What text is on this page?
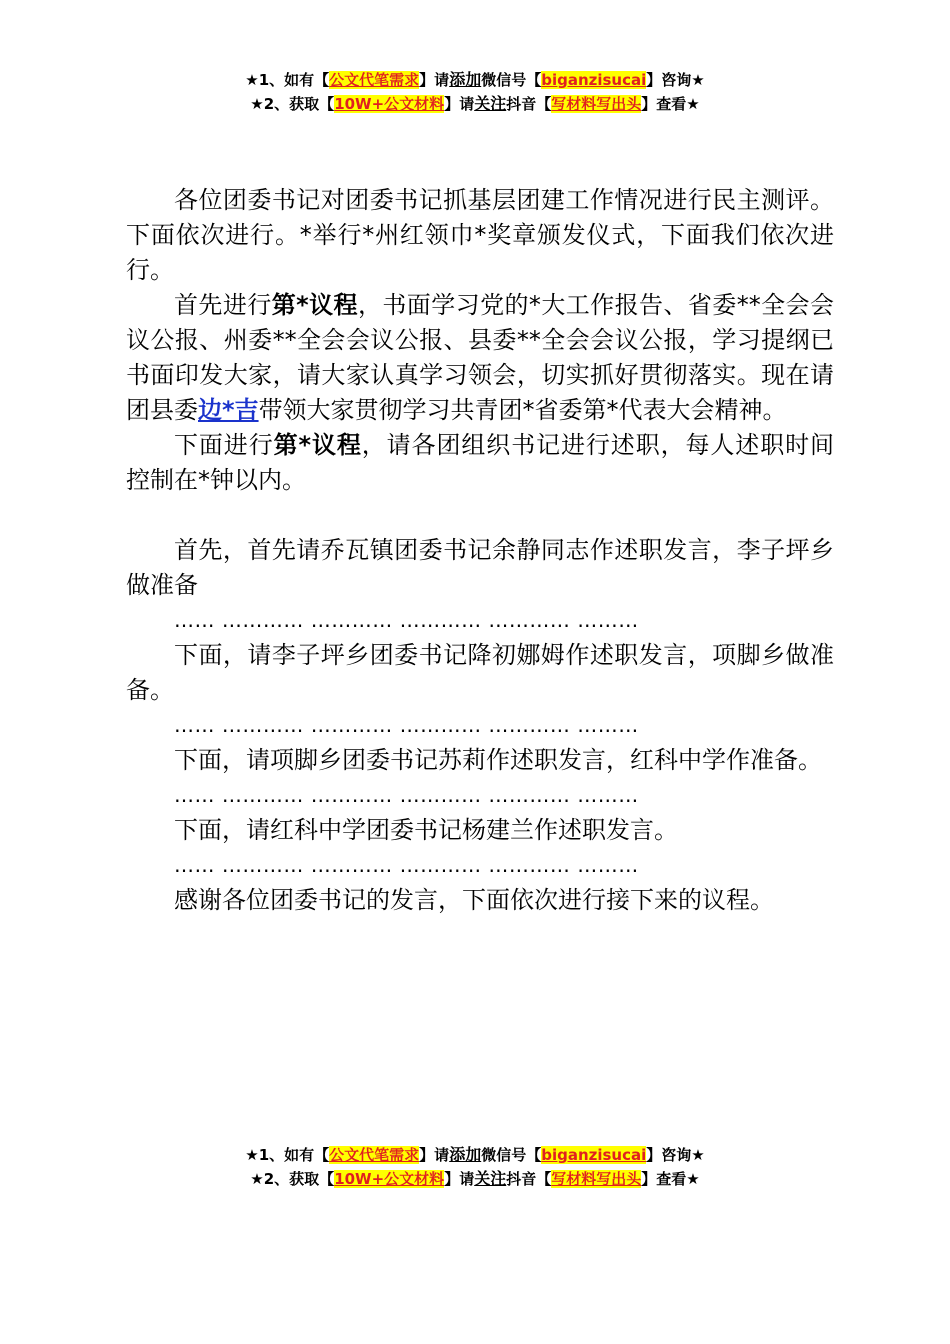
★1、如有【公文代笔需求】请添加微信号【biganzisucai】咨询★
★2、获取【10W+公文材料】请关注抖音【写材料写出头】查看★

各位团委书记对团委书记抓基层团建工作情况进行民主测评。下面依次进行。*举行*州红领巾*奖章颁发仪式，下面我们依次进行。

首先进行第*议程，书面学习党的*大工作报告、省委**全会会议公报、州委**全会会议公报、县委**全会会议公报，学习提纲已书面印发大家，请大家认真学习领会，切实抓好贯彻落实。现在请团县委边*吉带领大家贯彻学习共青团*省委第*代表大会精神。

下面进行第*议程，请各团组织书记进行述职，每人述职时间控制在*钟以内。

首先，首先请乔瓦镇团委书记余静同志作述职发言，李子坪乡做准备

…… ………… ………… ………… ………… ………

下面，请李子坪乡团委书记降初娜姆作述职发言，项脚乡做准备。

…… ………… ………… ………… ………… ………

下面，请项脚乡团委书记苏莉作述职发言，红科中学作准备。

…… ………… ………… ………… ………… ………

下面，请红科中学团委书记杨建兰作述职发言。

…… ………… ………… ………… ………… ………

感谢各位团委书记的发言，下面依次进行接下来的议程。

★1、如有【公文代笔需求】请添加微信号【biganzisucai】咨询★
★2、获取【10W+公文材料】请关注抖音【写材料写出头】查看★
